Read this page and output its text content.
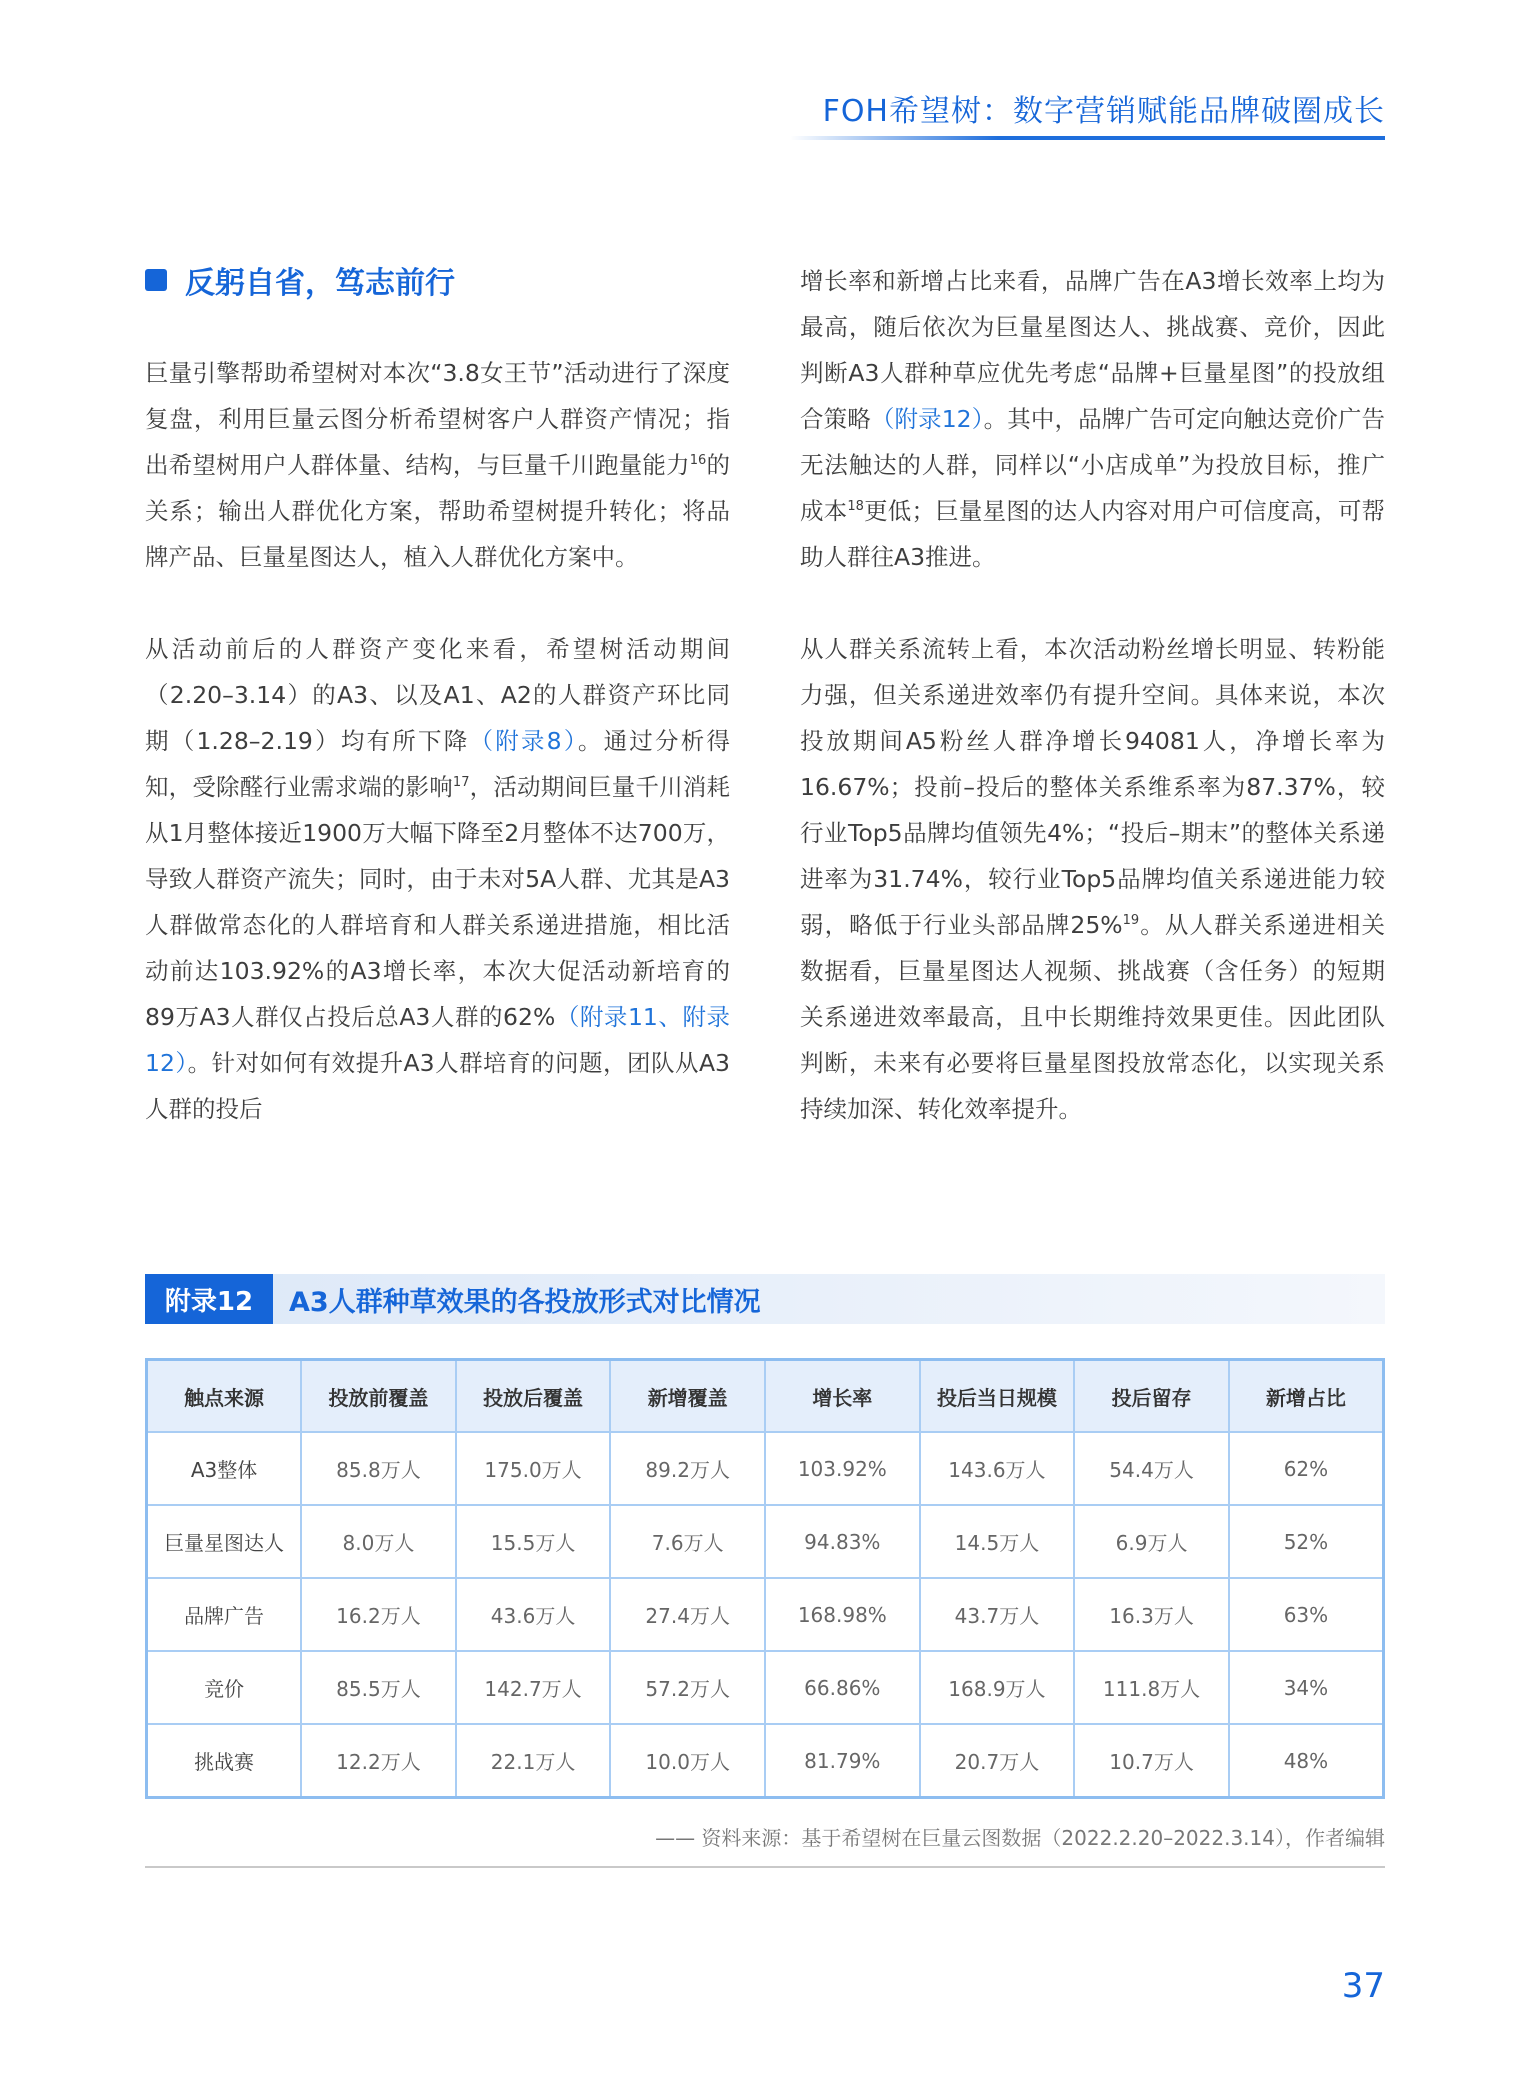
FOH希望树：数字营销赋能品牌破圈成长
反躬自省，笃志前行

巨量引擎帮助希望树对本次“3.8女王节”活动进行了深度复盘，利用巨量云图分析希望树客户人群资产情况；指出希望树用户人群体量、结构，与巨量千川跑量能力$^{16}$的关系；输出人群优化方案，帮助希望树提升转化；将品牌产品、巨量星图达人，植入人群优化方案中。

从活动前后的人群资产变化来看，希望树活动期间（2.20–3.14）的A3、以及A1、A2的人群资产环比同期（1.28–2.19）均有所下降（附录8）。通过分析得知，受除醛行业需求端的影响$^{17}$，活动期间巨量千川消耗从1月整体接近1900万大幅下降至2月整体不达700万，导致人群资产流失；同时，由于未对5A人群、尤其是A3人群做常态化的人群培育和人群关系递进措施，相比活动前达103.92%的A3增长率，本次大促活动新培育的89万A3人群仅占投后总A3人群的62%（附录11、附录12）。针对如何有效提升A3人群培育的问题，团队从A3人群的投后

增长率和新增占比来看，品牌广告在A3增长效率上均为最高，随后依次为巨量星图达人、挑战赛、竞价，因此判断A3人群种草应优先考虑“品牌+巨量星图”的投放组合策略（附录12）。其中，品牌广告可定向触达竞价广告无法触达的人群，同样以“小店成单”为投放目标，推广成本$^{18}$更低；巨量星图的达人内容对用户可信度高，可帮助人群往A3推进。

从人群关系流转上看，本次活动粉丝增长明显、转粉能力强，但关系递进效率仍有提升空间。具体来说，本次投放期间A5粉丝人群净增长94081人，净增长率为16.67%；投前–投后的整体关系维系率为87.37%，较行业Top5品牌均值领先4%；“投后–期末”的整体关系递进率为31.74%，较行业Top5品牌均值关系递进能力较弱，略低于行业头部品牌25%$^{19}$。从人群关系递进相关数据看，巨量星图达人视频、挑战赛（含任务）的短期关系递进效率最高，且中长期维持效果更佳。因此团队判断，未来有必要将巨量星图投放常态化，以实现关系持续加深、转化效率提升。

附录12	A3人群种草效果的各投放形式对比情况
触点来源	投放前覆盖	投放后覆盖	新增覆盖	增长率	投后当日规模	投后留存	新增占比
A3整体	85.8万人	175.0万人	89.2万人	103.92%	143.6万人	54.4万人	62%
巨量星图达人	8.0万人	15.5万人	7.6万人	94.83%	14.5万人	6.9万人	52%
品牌广告	16.2万人	43.6万人	27.4万人	168.98%	43.7万人	16.3万人	63%
竞价	85.5万人	142.7万人	57.2万人	66.86%	168.9万人	111.8万人	34%
挑战赛	12.2万人	22.1万人	10.0万人	81.79%	20.7万人	10.7万人	48%
—— 资料来源：基于希望树在巨量云图数据（2022.2.20–2022.3.14），作者编辑
37
